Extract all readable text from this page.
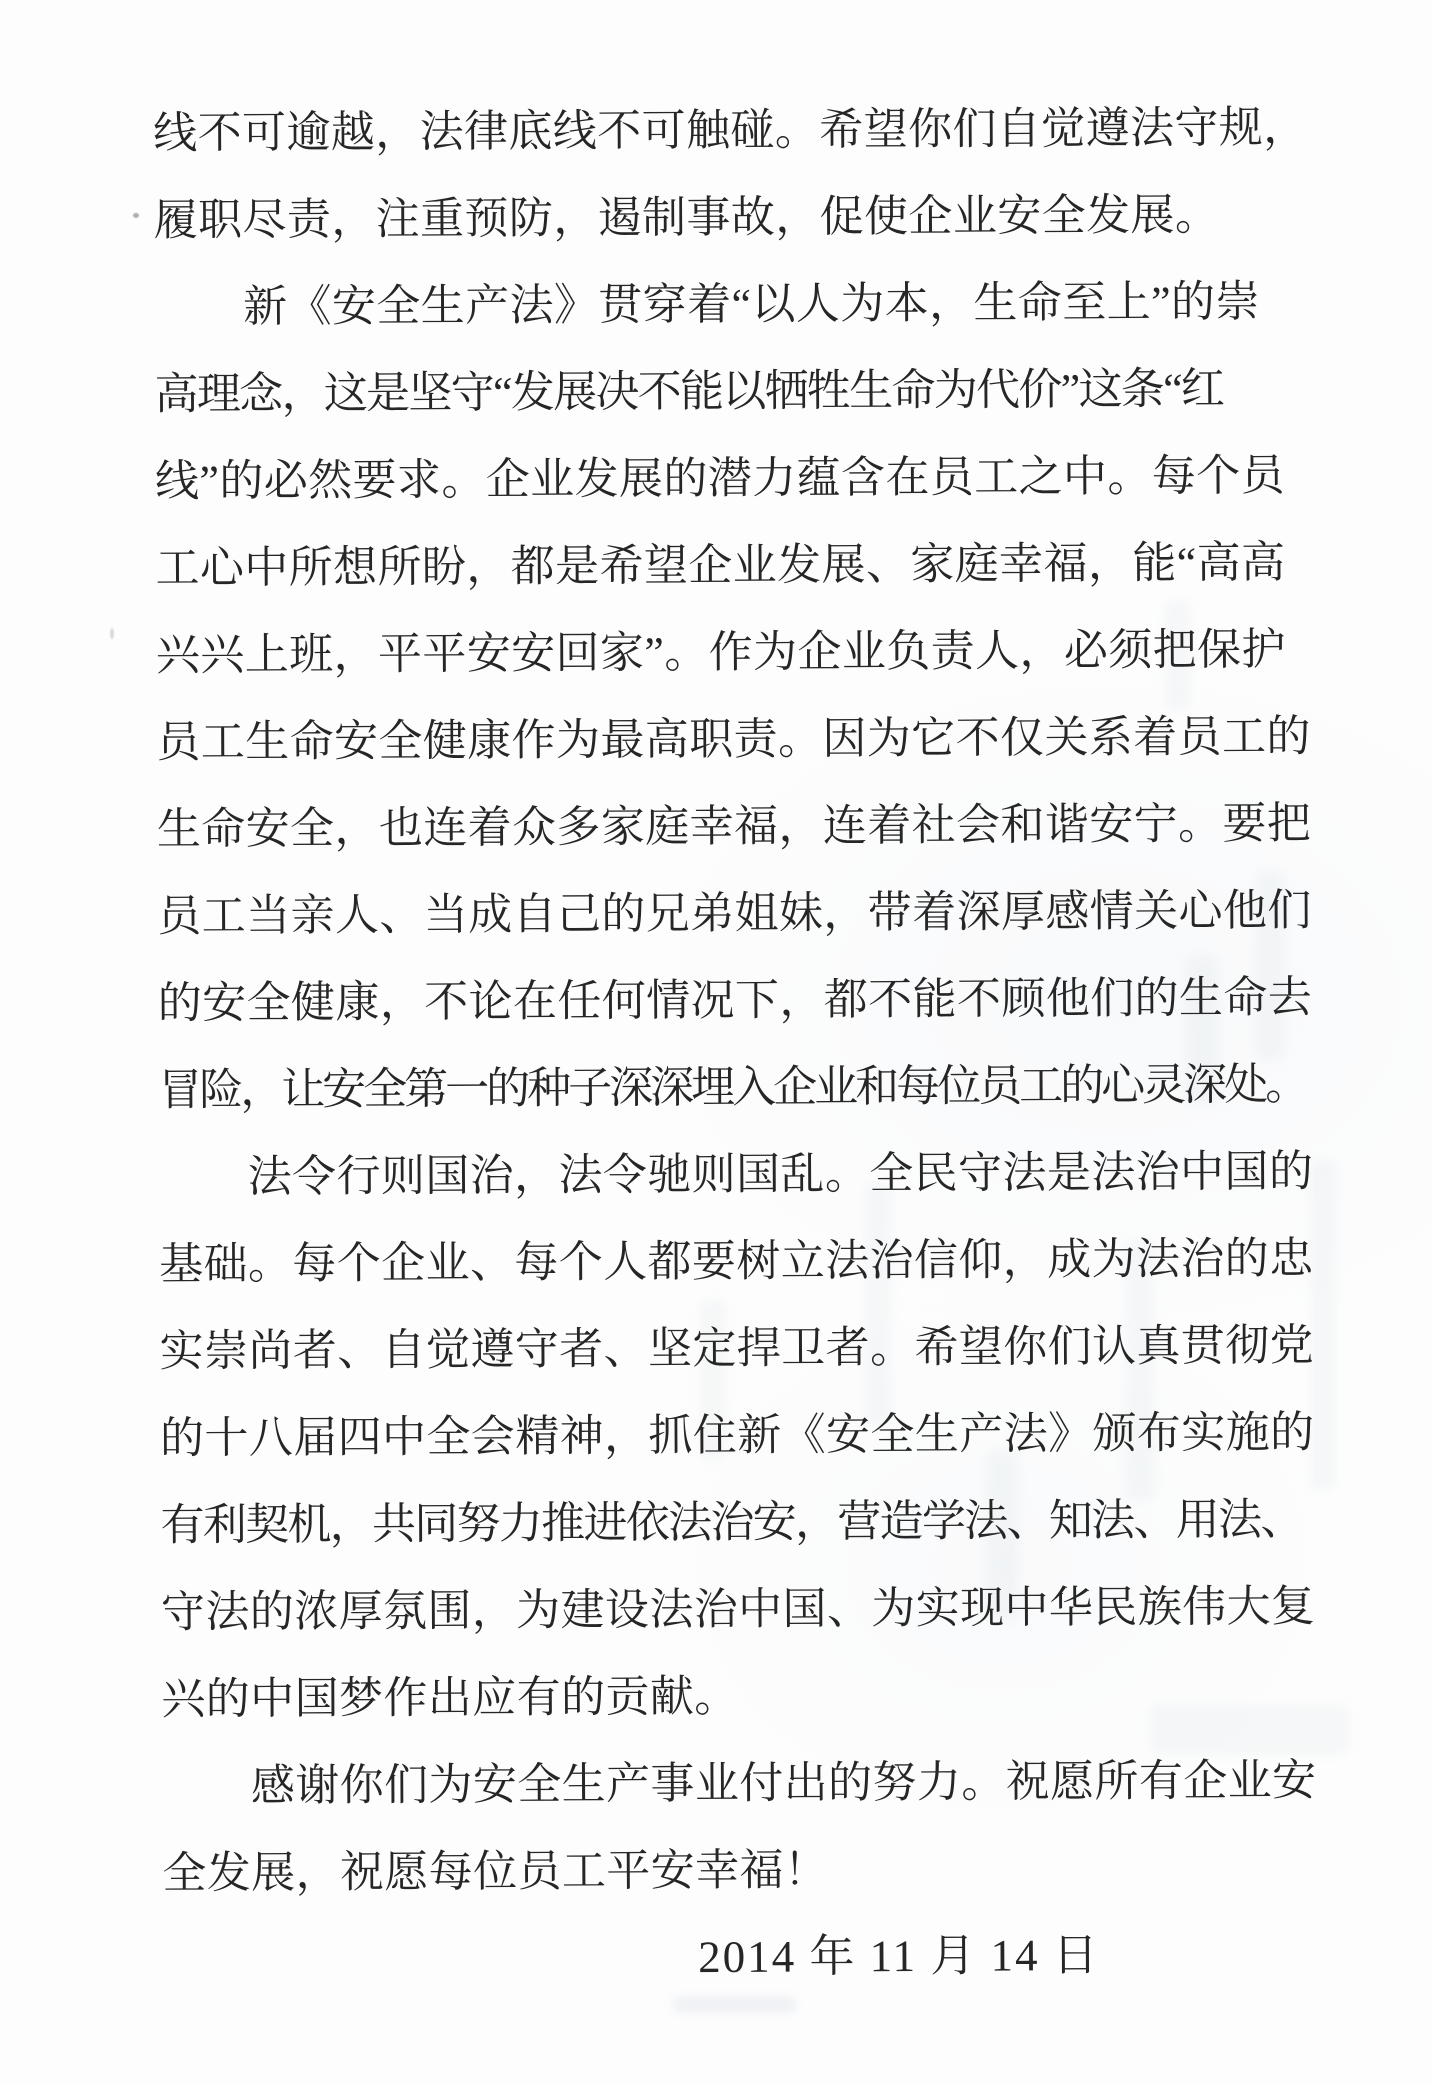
线不可逾越，法律底线不可触碰。希望你们自觉遵法守规，
履职尽责，注重预防，遏制事故，促使企业安全发展。
新《安全生产法》贯穿着“以人为本，生命至上”的崇
高理念，这是坚守“发展决不能以牺牲生命为代价”这条“红
线”的必然要求。企业发展的潜力蕴含在员工之中。每个员
工心中所想所盼，都是希望企业发展、家庭幸福，能“高高
兴兴上班，平平安安回家”。作为企业负责人，必须把保护
员工生命安全健康作为最高职责。因为它不仅关系着员工的
生命安全，也连着众多家庭幸福，连着社会和谐安宁。要把
员工当亲人、当成自己的兄弟姐妹，带着深厚感情关心他们
的安全健康，不论在任何情况下，都不能不顾他们的生命去
冒险，让安全第一的种子深深埋入企业和每位员工的心灵深处。
法令行则国治，法令驰则国乱。全民守法是法治中国的
基础。每个企业、每个人都要树立法治信仰，成为法治的忠
实崇尚者、自觉遵守者、坚定捍卫者。希望你们认真贯彻党
的十八届四中全会精神，抓住新《安全生产法》颁布实施的
有利契机，共同努力推进依法治安，营造学法、知法、用法、
守法的浓厚氛围，为建设法治中国、为实现中华民族伟大复
兴的中国梦作出应有的贡献。
感谢你们为安全生产事业付出的努力。祝愿所有企业安
全发展，祝愿每位员工平安幸福！
2014 年 11 月 14 日
